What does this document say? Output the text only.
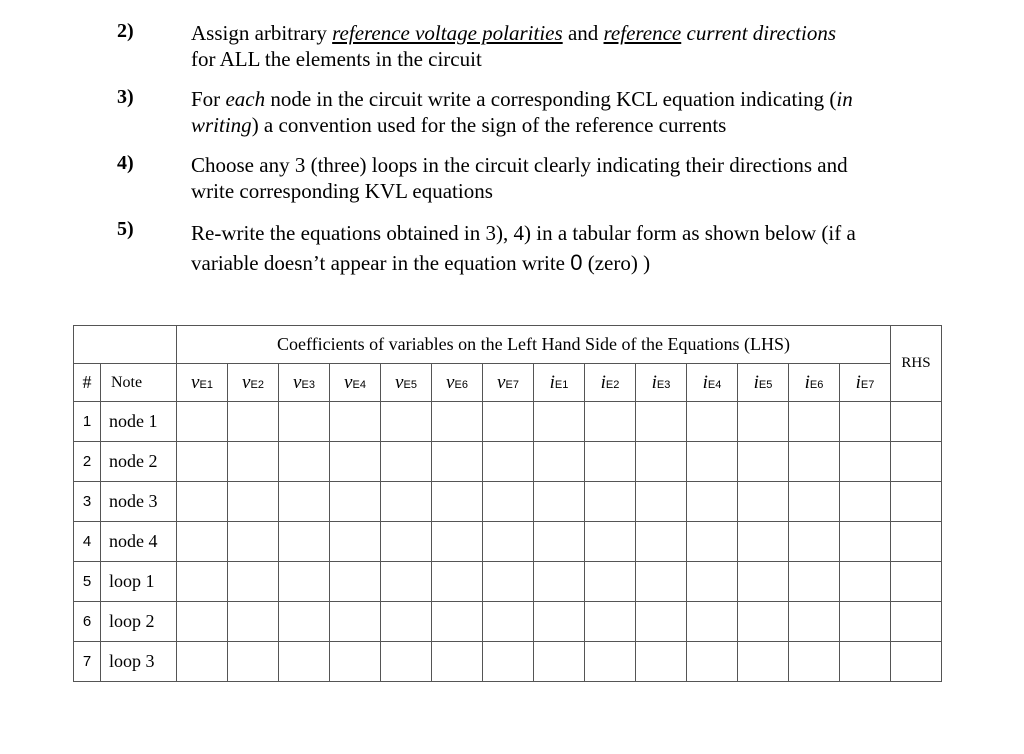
2)	Assign arbitrary reference voltage polarities and reference current directions
for ALL the elements in the circuit
3)	For each node in the circuit write a corresponding KCL equation indicating (in
writing) a convention used for the sign of the reference currents
4)	Choose any 3 (three) loops in the circuit clearly indicating their directions and
write corresponding KVL equations
5)	Re-write the equations obtained in 3), 4) in a tabular form as shown below (if a
variable doesn’t appear in the equation write 0 (zero) )
		Coefficients of variables on the Left Hand Side of the Equations (LHS)														RHS
#	Note	vE1	vE2	vE3	vE4	vE5	vE6	vE7	iE1	iE2	iE3	iE4	iE5	iE6	iE7	
1	node 1															
2	node 2															
3	node 3															
4	node 4															
5	loop 1															
6	loop 2															
7	loop 3															
